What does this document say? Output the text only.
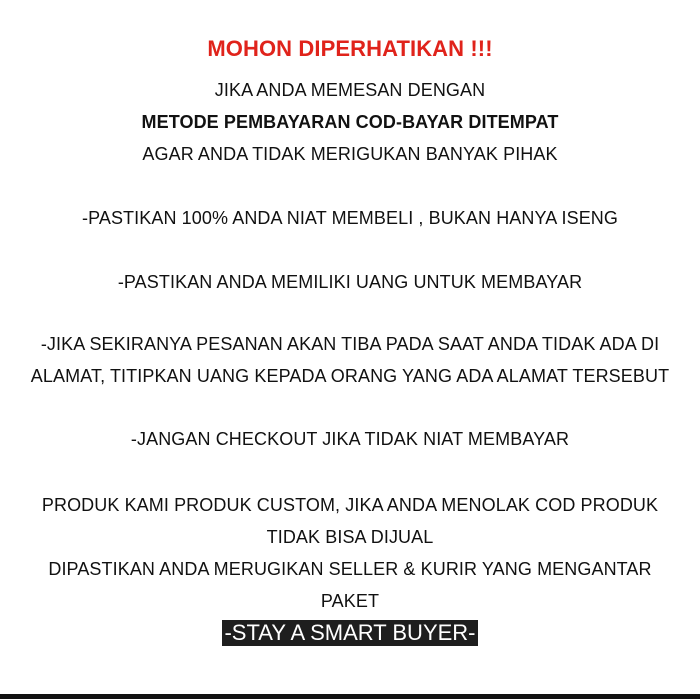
MOHON DIPERHATIKAN !!!
JIKA ANDA MEMESAN DENGAN
METODE PEMBAYARAN COD-BAYAR DITEMPAT
AGAR ANDA TIDAK MERIGUKAN BANYAK PIHAK
-PASTIKAN 100% ANDA NIAT MEMBELI , BUKAN HANYA ISENG
-PASTIKAN ANDA MEMILIKI UANG UNTUK MEMBAYAR
-JIKA SEKIRANYA PESANAN AKAN TIBA PADA SAAT ANDA TIDAK ADA DI
ALAMAT, TITIPKAN UANG KEPADA ORANG YANG ADA ALAMAT TERSEBUT
-JANGAN CHECKOUT JIKA TIDAK NIAT MEMBAYAR
PRODUK KAMI PRODUK CUSTOM, JIKA ANDA MENOLAK COD PRODUK
TIDAK BISA DIJUAL
DIPASTIKAN ANDA MERUGIKAN SELLER & KURIR YANG MENGANTAR
PAKET
-STAY A SMART BUYER-
